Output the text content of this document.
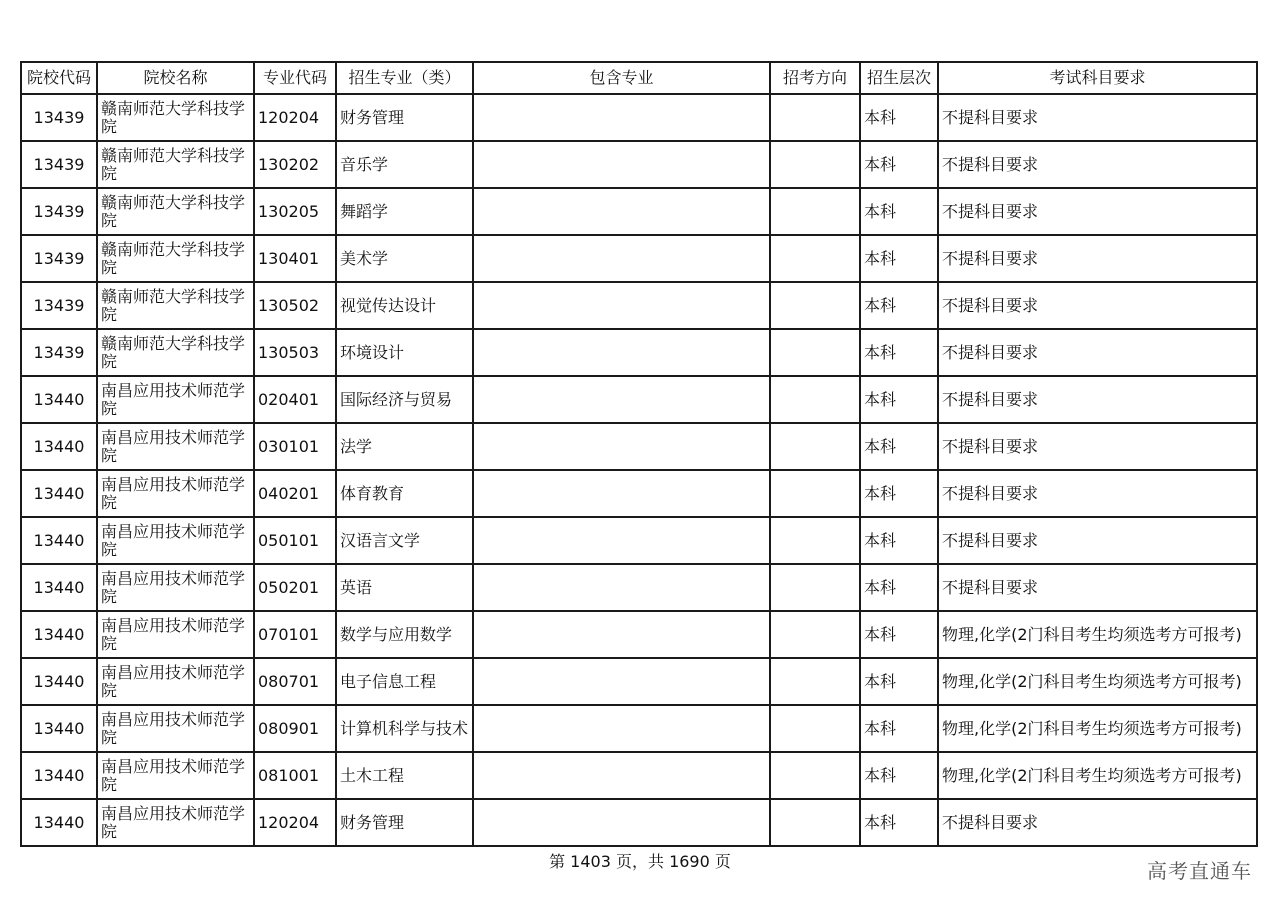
院校代码	院校名称	专业代码	招生专业（类）	包含专业	招考方向	招生层次	考试科目要求
13439	赣南师范大学科技学院	120204	财务管理			本科	不提科目要求
13439	赣南师范大学科技学院	130202	音乐学			本科	不提科目要求
13439	赣南师范大学科技学院	130205	舞蹈学			本科	不提科目要求
13439	赣南师范大学科技学院	130401	美术学			本科	不提科目要求
13439	赣南师范大学科技学院	130502	视觉传达设计			本科	不提科目要求
13439	赣南师范大学科技学院	130503	环境设计			本科	不提科目要求
13440	南昌应用技术师范学院	020401	国际经济与贸易			本科	不提科目要求
13440	南昌应用技术师范学院	030101	法学			本科	不提科目要求
13440	南昌应用技术师范学院	040201	体育教育			本科	不提科目要求
13440	南昌应用技术师范学院	050101	汉语言文学			本科	不提科目要求
13440	南昌应用技术师范学院	050201	英语			本科	不提科目要求
13440	南昌应用技术师范学院	070101	数学与应用数学			本科	物理,化学(2门科目考生均须选考方可报考)
13440	南昌应用技术师范学院	080701	电子信息工程			本科	物理,化学(2门科目考生均须选考方可报考)
13440	南昌应用技术师范学院	080901	计算机科学与技术			本科	物理,化学(2门科目考生均须选考方可报考)
13440	南昌应用技术师范学院	081001	土木工程			本科	物理,化学(2门科目考生均须选考方可报考)
13440	南昌应用技术师范学院	120204	财务管理			本科	不提科目要求
第 1403 页，共 1690 页	高考直通车
